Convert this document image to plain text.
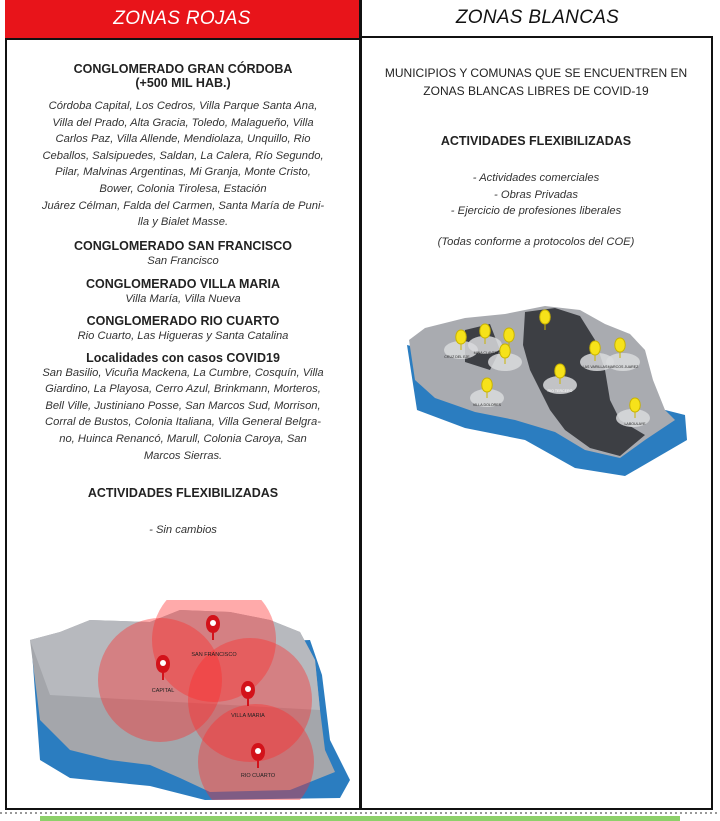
ZONAS ROJAS	ZONAS BLANCAS
CONGLOMERADO GRAN CÓRDOBA
(+500 MIL HAB.)
Córdoba Capital, Los Cedros, Villa Parque Santa Ana,
Villa del Prado, Alta Gracia, Toledo, Malagueño, Villa
Carlos Paz, Villa Allende, Mendiolaza, Unquillo, Rio
Ceballos, Salsipuedes, Saldan, La Calera, Río Segundo,
Pilar, Malvinas Argentinas, Mi Granja, Monte Cristo,
Bower, Colonia Tirolesa, Estación
Juárez Célman, Falda del Carmen, Santa María de Puni-
lla y Bialet Masse.
CONGLOMERADO SAN FRANCISCO
San Francisco
CONGLOMERADO VILLA MARIA
Villa María, Villa Nueva
CONGLOMERADO RIO CUARTO
Rio Cuarto, Las Higueras y Santa Catalina
Localidades con casos COVID19
San Basilio, Vicuña Mackena, La Cumbre, Cosquín, Villa
Giardino, La Playosa, Cerro Azul, Brinkmann, Morteros,
Bell Ville, Justiniano Posse, San Marcos Sud, Morrison,
Corral de Bustos, Colonia Italiana, Villa General Belgra-
no, Huinca Renancó, Marull, Colonia Caroya, San
Marcos Sierras.
ACTIVIDADES FLEXIBILIZADAS
- Sin cambios
SAN FRANCISCO
CAPITAL
VILLA MARIA
RIO CUARTO
MUNICIPIOS Y COMUNAS QUE SE ENCUENTREN EN
ZONAS BLANCAS LIBRES DE COVID-19
ACTIVIDADES FLEXIBILIZADAS
- Actividades comerciales
- Obras Privadas
- Ejercicio de profesiones liberales
(Todas conforme a protocolos del COE)
CRUZ DEL EJE
MINA CLAVERO
VILLA DOLORES
RIO TERCERO
LAS VARILLAS MARCOS JUAREZ
LABOULAYE
